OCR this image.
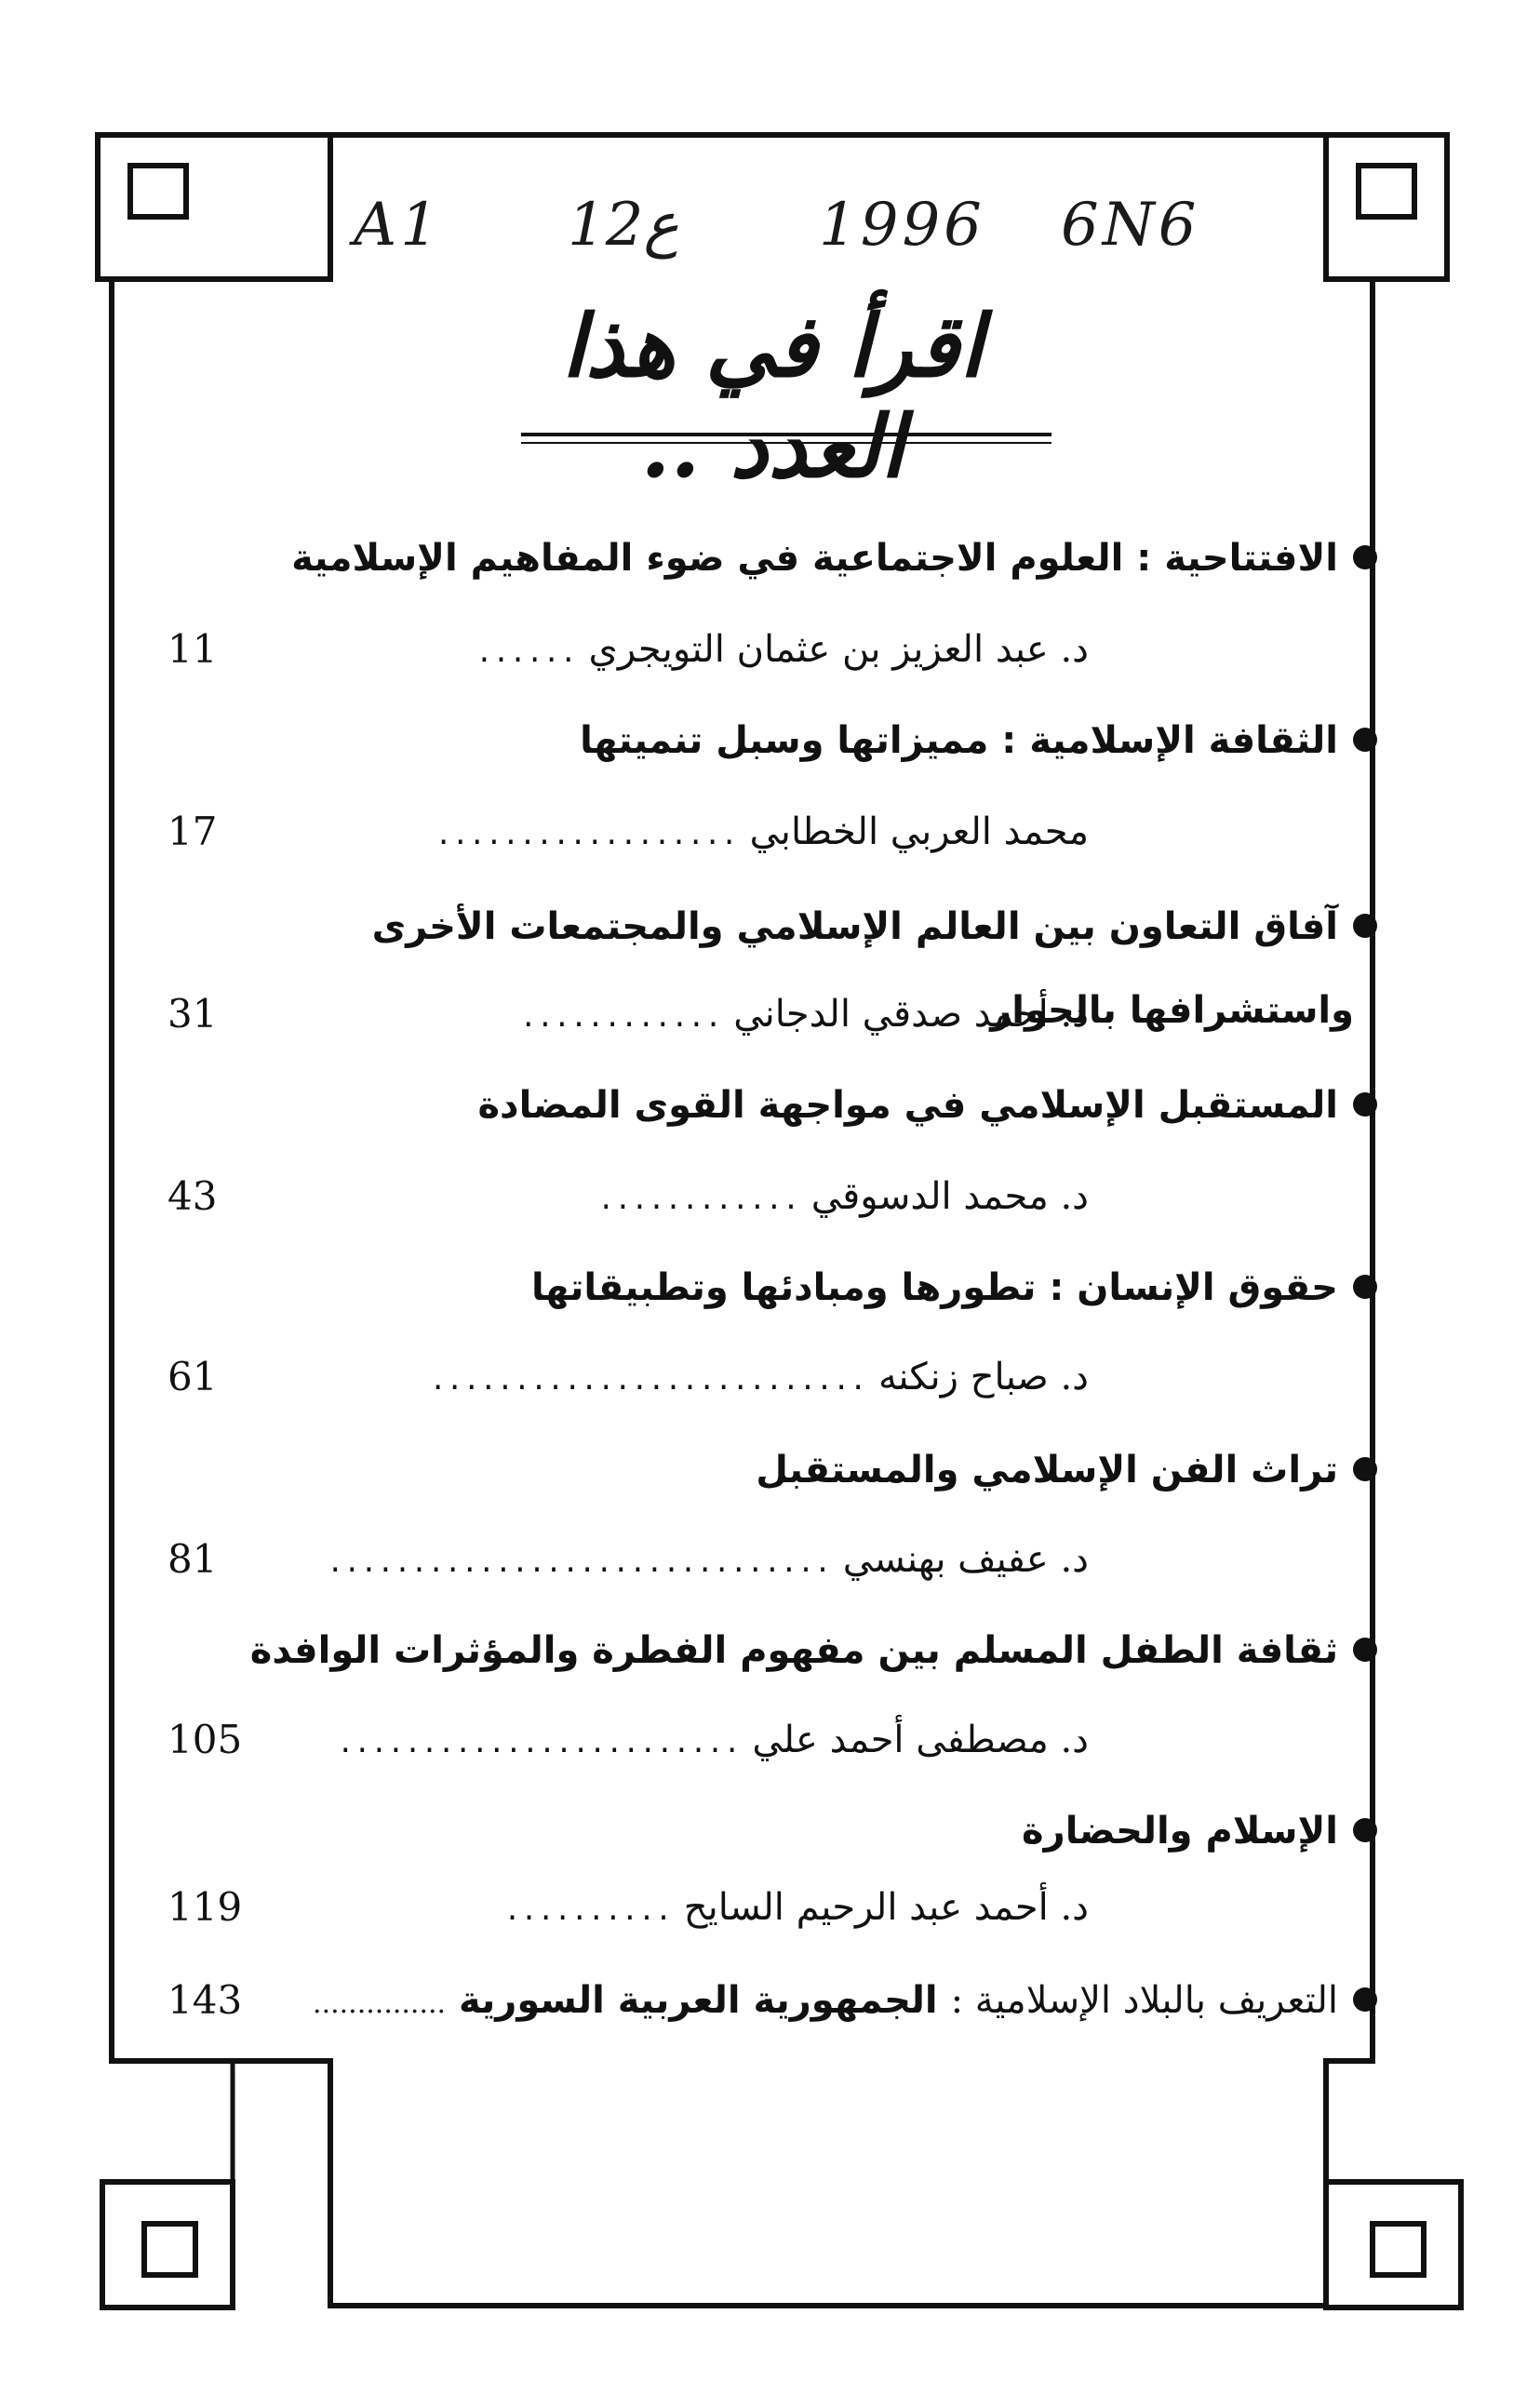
A1 12ع 1996 6N6
اقرأ في هذا العدد ..
الافتتاحية : العلوم الاجتماعية في ضوء المفاهيم الإسلامية
د. عبد العزيز بن عثمان التويجري ......
11
الثقافة الإسلامية : مميزاتها وسبل تنميتها
محمد العربي الخطابي ..................
17
آفاق التعاون بين العالم الإسلامي والمجتمعات الأخرى
واستشرافها بالحوار
د. أحمد صدقي الدجاني ............
31
المستقبل الإسلامي في مواجهة القوى المضادة
د. محمد الدسوقي ............
43
حقوق الإنسان : تطورها ومبادئها وتطبيقاتها
د. صباح زنكنه ..........................
61
تراث الفن الإسلامي والمستقبل
د. عفيف بهنسي ..............................
81
ثقافة الطفل المسلم بين مفهوم الفطرة والمؤثرات الوافدة
د. مصطفى أحمد علي ........................
105
الإسلام والحضارة
د. أحمد عبد الرحيم السايح ..........
119
التعريف بالبلاد الإسلامية : الجمهورية العربية السورية ...............
143
